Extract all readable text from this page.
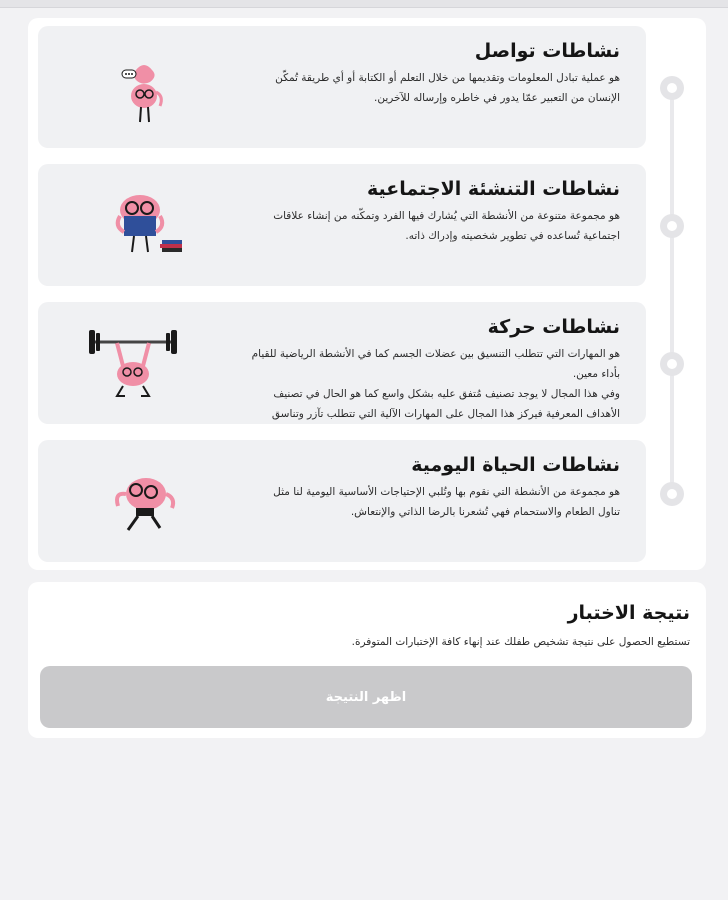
نشاطات تواصل
هو عملية تبادل المعلومات وتقديمها من خلال التعلم أو الكتابة أو أي طريقة تُمكّن
الإنسان من التعبير عمّا يدور في خاطره وإرساله للآخرين.
نشاطات التنشئة الاجتماعية
هو مجموعة متنوعة من الأنشطة التي يُشارك فيها الفرد وتمكّنه من إنشاء علاقات
اجتماعية تُساعده في تطوير شخصيته وإدراك ذاته.
نشاطات حركة
هو المهارات التي تتطلب التنسيق بين عضلات الجسم كما في الأنشطة الرياضية للقيام
بأداء معين.
وفي هذا المجال لا يوجد تصنيف مُتفق عليه بشكل واسع كما هو الحال في تصنيف
الأهداف المعرفية فيركز هذا المجال على المهارات الآلية التي تتطلب تآزر وتناسق
نشاطات الحياة اليومية
هو مجموعة من الأنشطة التي نقوم بها وتُلبي الإحتياجات الأساسية اليومية لنا مثل
تناول الطعام والاستحمام فهي تُشعرنا بالرضا الذاتي والإنتعاش.
نتيجة الاختبار
تستطيع الحصول على نتيجة تشخيص طفلك عند إنهاء كافة الإختبارات المتوفرة.
اظهر النتيجة
